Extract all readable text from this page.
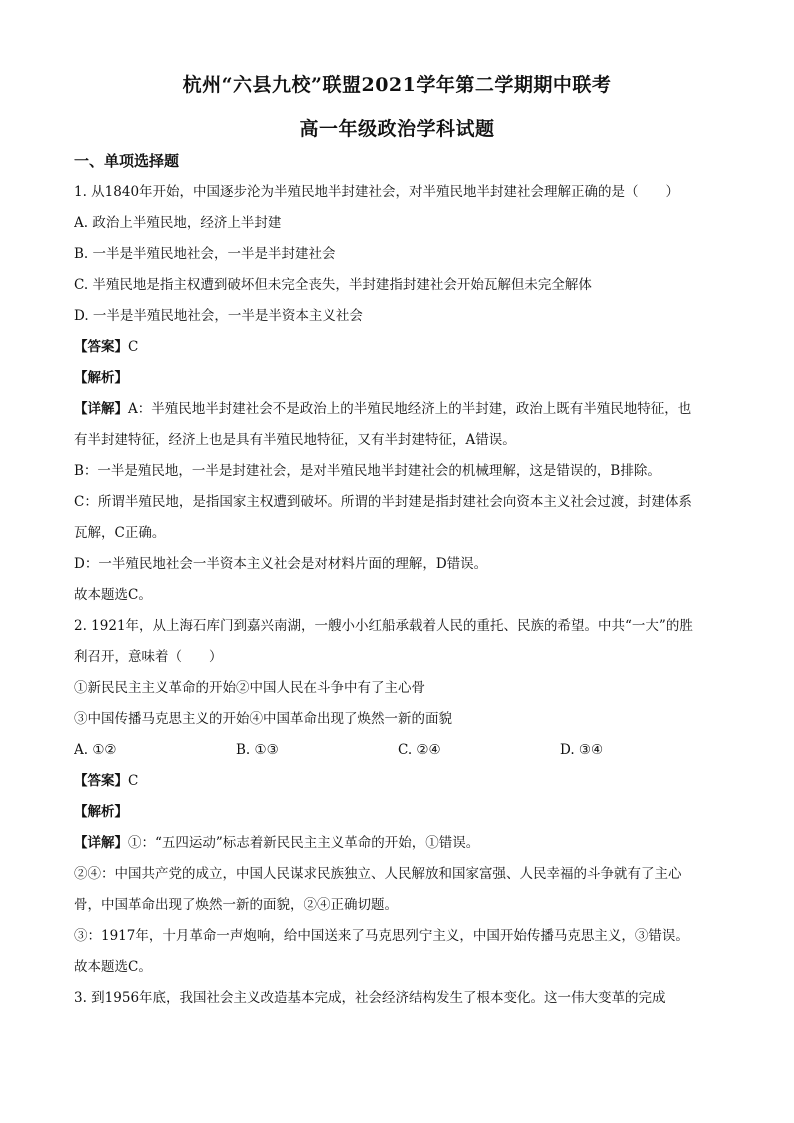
杭州“六县九校”联盟2021学年第二学期期中联考
高一年级政治学科试题
一、单项选择题
1. 从1840年开始，中国逐步沦为半殖民地半封建社会，对半殖民地半封建社会理解正确的是（　　）
A. 政治上半殖民地，经济上半封建
B. 一半是半殖民地社会，一半是半封建社会
C. 半殖民地是指主权遭到破坏但未完全丧失，半封建指封建社会开始瓦解但未完全解体
D. 一半是半殖民地社会，一半是半资本主义社会
【答案】C
【解析】
【详解】A：半殖民地半封建社会不是政治上的半殖民地经济上的半封建，政治上既有半殖民地特征，也
有半封建特征，经济上也是具有半殖民地特征，又有半封建特征，A错误。
B：一半是殖民地，一半是封建社会，是对半殖民地半封建社会的机械理解，这是错误的，B排除。
C：所谓半殖民地，是指国家主权遭到破坏。所谓的半封建是指封建社会向资本主义社会过渡，封建体系
瓦解，C正确。
D：一半殖民地社会一半资本主义社会是对材料片面的理解，D错误。
故本题选C。
2. 1921年，从上海石库门到嘉兴南湖，一艘小小红船承载着人民的重托、民族的希望。中共“一大”的胜
利召开，意味着（　　）
①新民民主主义革命的开始②中国人民在斗争中有了主心骨
③中国传播马克思主义的开始④中国革命出现了焕然一新的面貌
A. ①②	B. ①③	C. ②④	D. ③④
【答案】C
【解析】
【详解】①：“五四运动”标志着新民民主主义革命的开始，①错误。
②④：中国共产党的成立，中国人民谋求民族独立、人民解放和国家富强、人民幸福的斗争就有了主心
骨，中国革命出现了焕然一新的面貌，②④正确切题。
③：1917年，十月革命一声炮响，给中国送来了马克思列宁主义，中国开始传播马克思主义，③错误。
故本题选C。
3. 到1956年底，我国社会主义改造基本完成，社会经济结构发生了根本变化。这一伟大变革的完成
